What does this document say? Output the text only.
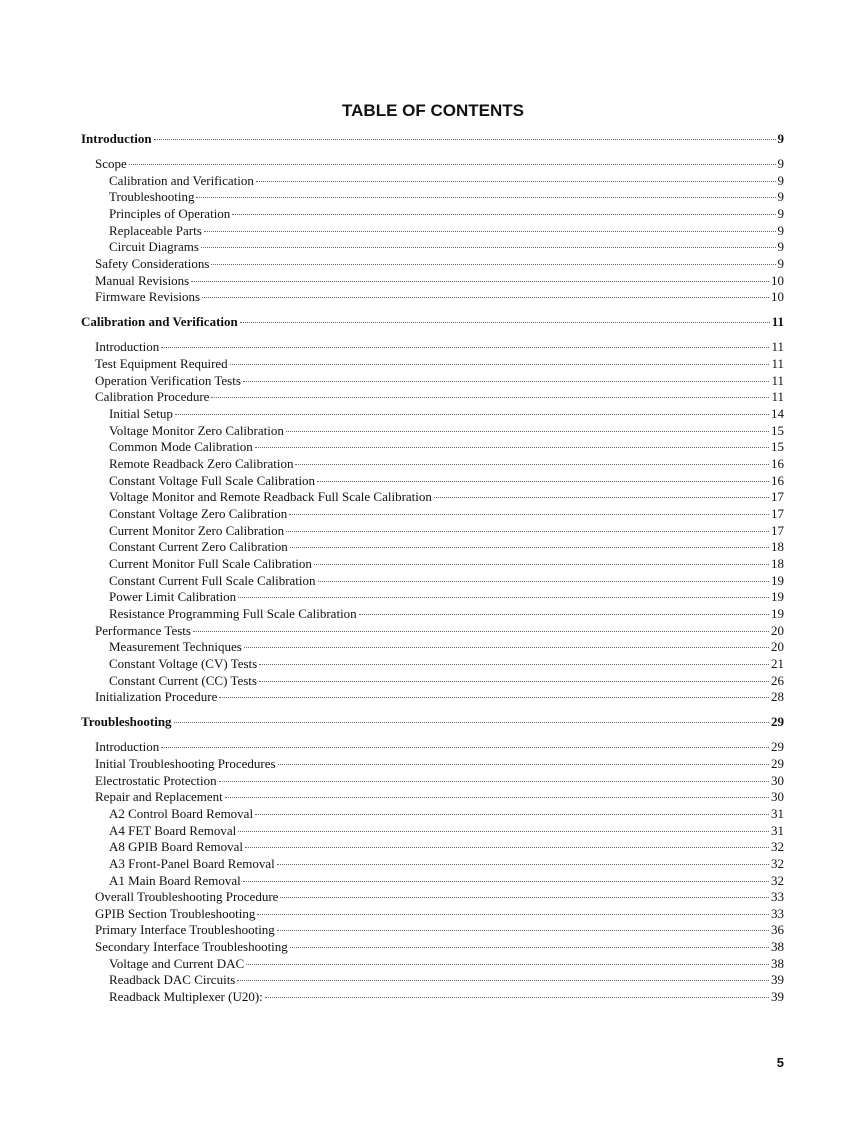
TABLE OF CONTENTS
Introduction	9
Scope	9
Calibration and Verification	9
Troubleshooting	9
Principles of Operation	9
Replaceable Parts	9
Circuit Diagrams	9
Safety Considerations	9
Manual Revisions	10
Firmware Revisions	10
Calibration and Verification	11
Introduction	11
Test Equipment Required	11
Operation Verification Tests	11
Calibration Procedure	11
Initial Setup	14
Voltage Monitor Zero Calibration	15
Common Mode Calibration	15
Remote Readback Zero Calibration	16
Constant Voltage Full Scale Calibration	16
Voltage Monitor and Remote Readback Full Scale Calibration	17
Constant Voltage Zero Calibration	17
Current Monitor Zero Calibration	17
Constant Current Zero Calibration	18
Current Monitor Full Scale Calibration	18
Constant Current Full Scale Calibration	19
Power Limit Calibration	19
Resistance Programming Full Scale Calibration	19
Performance Tests	20
Measurement Techniques	20
Constant Voltage (CV) Tests	21
Constant Current (CC) Tests	26
Initialization Procedure	28
Troubleshooting	29
Introduction	29
Initial Troubleshooting Procedures	29
Electrostatic Protection	30
Repair and Replacement	30
A2 Control Board Removal	31
A4 FET Board Removal	31
A8 GPIB Board Removal	32
A3 Front-Panel Board Removal	32
A1 Main Board Removal	32
Overall Troubleshooting Procedure	33
GPIB Section Troubleshooting	33
Primary Interface Troubleshooting	36
Secondary Interface Troubleshooting	38
Voltage and Current DAC	38
Readback DAC Circuits	39
Readback Multiplexer (U20):	39
5
